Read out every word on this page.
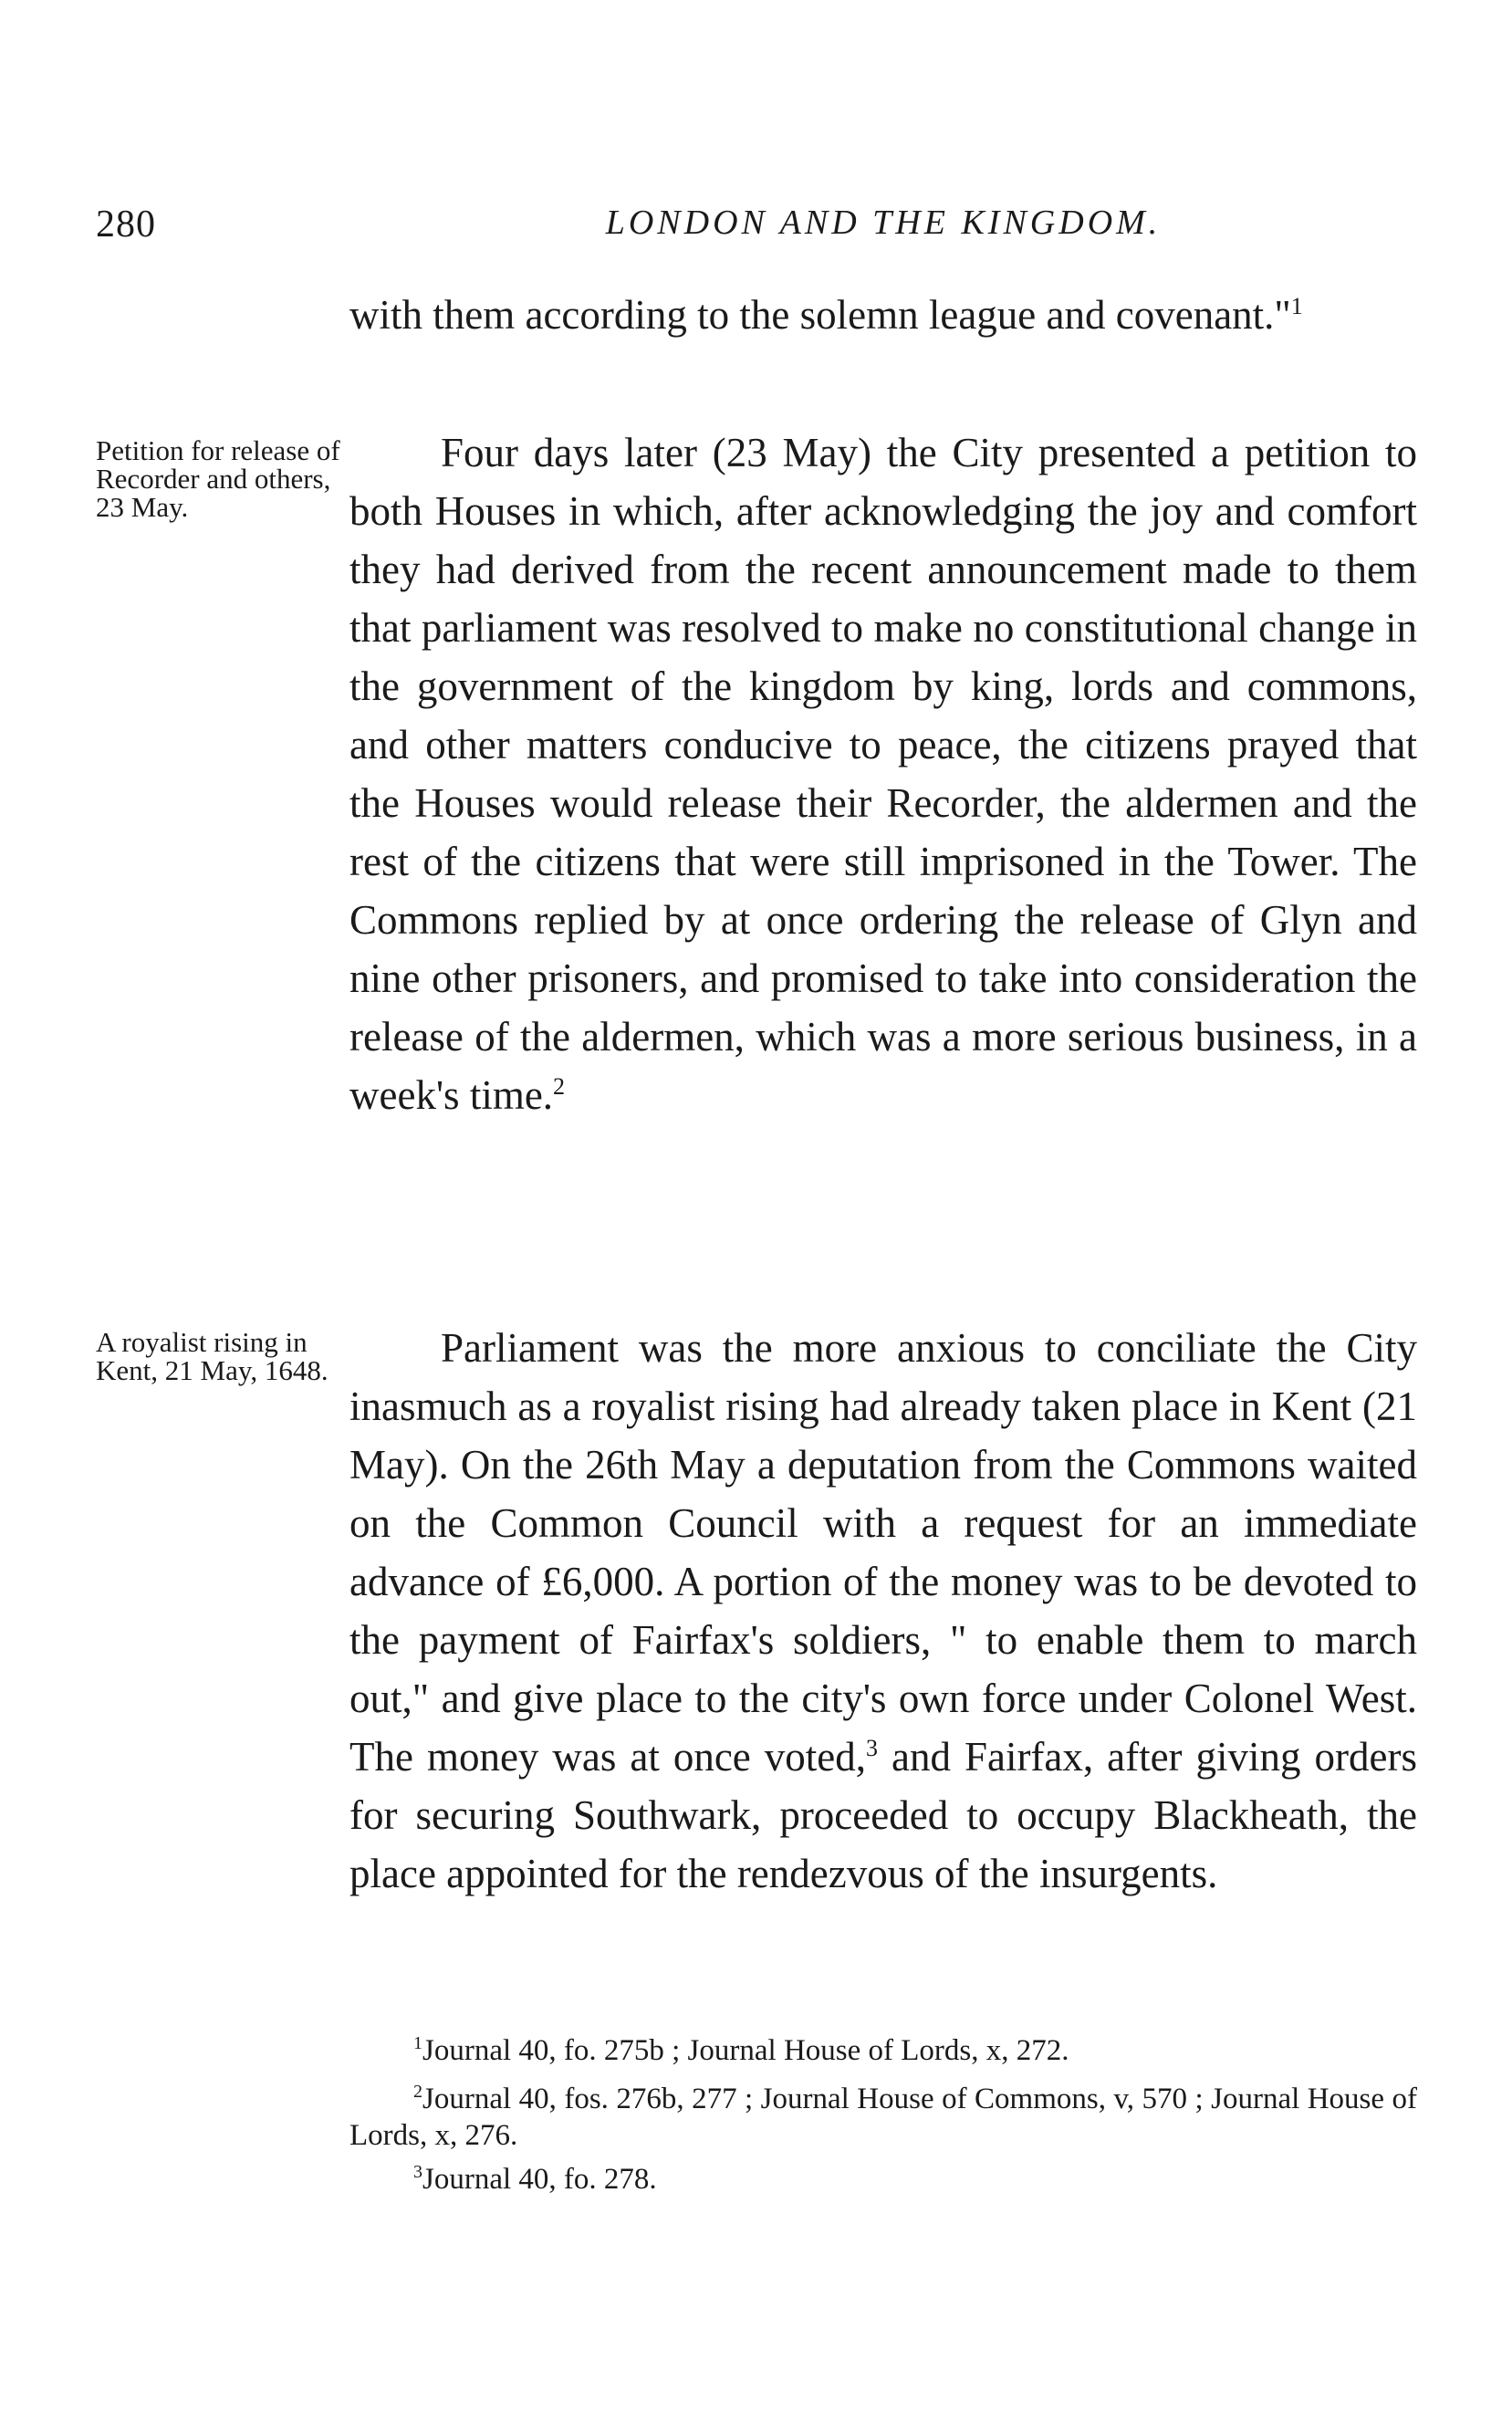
280	LONDON AND THE KINGDOM.

Petition for release of Recorder and others, 23 May.

A royalist rising in Kent, 21 May, 1648.

with them according to the solemn league and covenant."$^1$

Four days later (23 May) the City presented a petition to both Houses in which, after acknowledging the joy and comfort they had derived from the recent announcement made to them that parliament was resolved to make no constitutional change in the government of the kingdom by king, lords and commons, and other matters conducive to peace, the citizens prayed that the Houses would release their Recorder, the aldermen and the rest of the citizens that were still imprisoned in the Tower. The Commons replied by at once ordering the release of Glyn and nine other prisoners, and promised to take into consideration the release of the aldermen, which was a more serious business, in a week's time.$^2$

Parliament was the more anxious to conciliate the City inasmuch as a royalist rising had already taken place in Kent (21 May). On the 26th May a deputation from the Commons waited on the Common Council with a request for an immediate advance of £6,000. A portion of the money was to be devoted to the payment of Fairfax's soldiers, " to enable them to march out," and give place to the city's own force under Colonel West. The money was at once voted,$^3$ and Fairfax, after giving orders for securing Southwark, proceeded to occupy Blackheath, the place appointed for the rendezvous of the insurgents.

$^1$Journal 40, fo. 275b ; Journal House of Lords, x, 272.

$^2$Journal 40, fos. 276b, 277 ; Journal House of Commons, v, 570 ; Journal House of Lords, x, 276.

$^3$Journal 40, fo. 278.
